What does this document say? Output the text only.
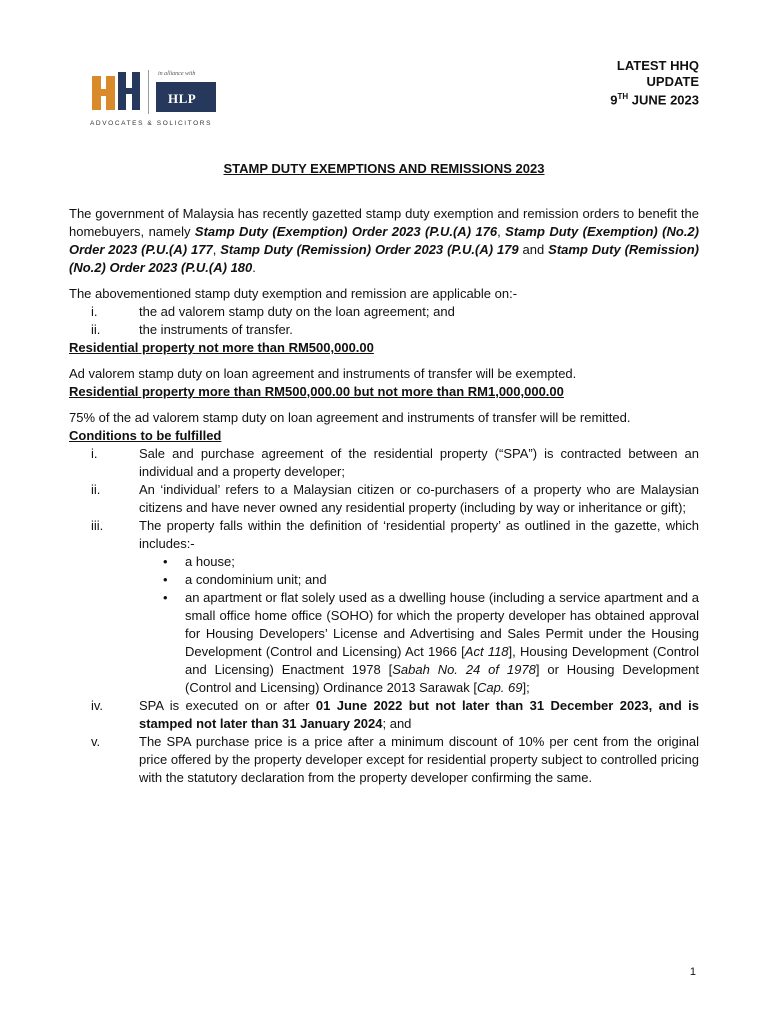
in alliance with
HLP
ADVOCATES & SOLICITORS
LATEST HHQ
UPDATE
9TH JUNE 2023
STAMP DUTY EXEMPTIONS AND REMISSIONS 2023

The government of Malaysia has recently gazetted stamp duty exemption and remission orders to benefit the homebuyers, namely Stamp Duty (Exemption) Order 2023 (P.U.(A) 176, Stamp Duty (Exemption) (No.2) Order 2023 (P.U.(A) 177, Stamp Duty (Remission) Order 2023 (P.U.(A) 179 and Stamp Duty (Remission) (No.2) Order 2023 (P.U.(A) 180.

The abovementioned stamp duty exemption and remission are applicable on:-

i.	the ad valorem stamp duty on the loan agreement; and
ii.	the instruments of transfer.

Residential property not more than RM500,000.00

Ad valorem stamp duty on loan agreement and instruments of transfer will be exempted.

Residential property more than RM500,000.00 but not more than RM1,000,000.00

75% of the ad valorem stamp duty on loan agreement and instruments of transfer will be remitted.

Conditions to be fulfilled

i.	Sale and purchase agreement of the residential property (“SPA”) is contracted between an individual and a property developer;
ii.	An ‘individual’ refers to a Malaysian citizen or co-purchasers of a property who are Malaysian citizens and have never owned any residential property (including by way or inheritance or gift);
iii.	The property falls within the definition of ‘residential property’ as outlined in the gazette, which includes:-
• a house;
• a condominium unit; and
• an apartment or flat solely used as a dwelling house (including a service apartment and a small office home office (SOHO) for which the property developer has obtained approval for Housing Developers’ License and Advertising and Sales Permit under the Housing Development (Control and Licensing) Act 1966 [Act 118], Housing Development (Control and Licensing) Enactment 1978 [Sabah No. 24 of 1978] or Housing Development (Control and Licensing) Ordinance 2013 Sarawak [Cap. 69];
iv.	SPA is executed on or after 01 June 2022 but not later than 31 December 2023, and is stamped not later than 31 January 2024; and
v.	The SPA purchase price is a price after a minimum discount of 10% per cent from the original price offered by the property developer except for residential property subject to controlled pricing with the statutory declaration from the property developer confirming the same.
1
